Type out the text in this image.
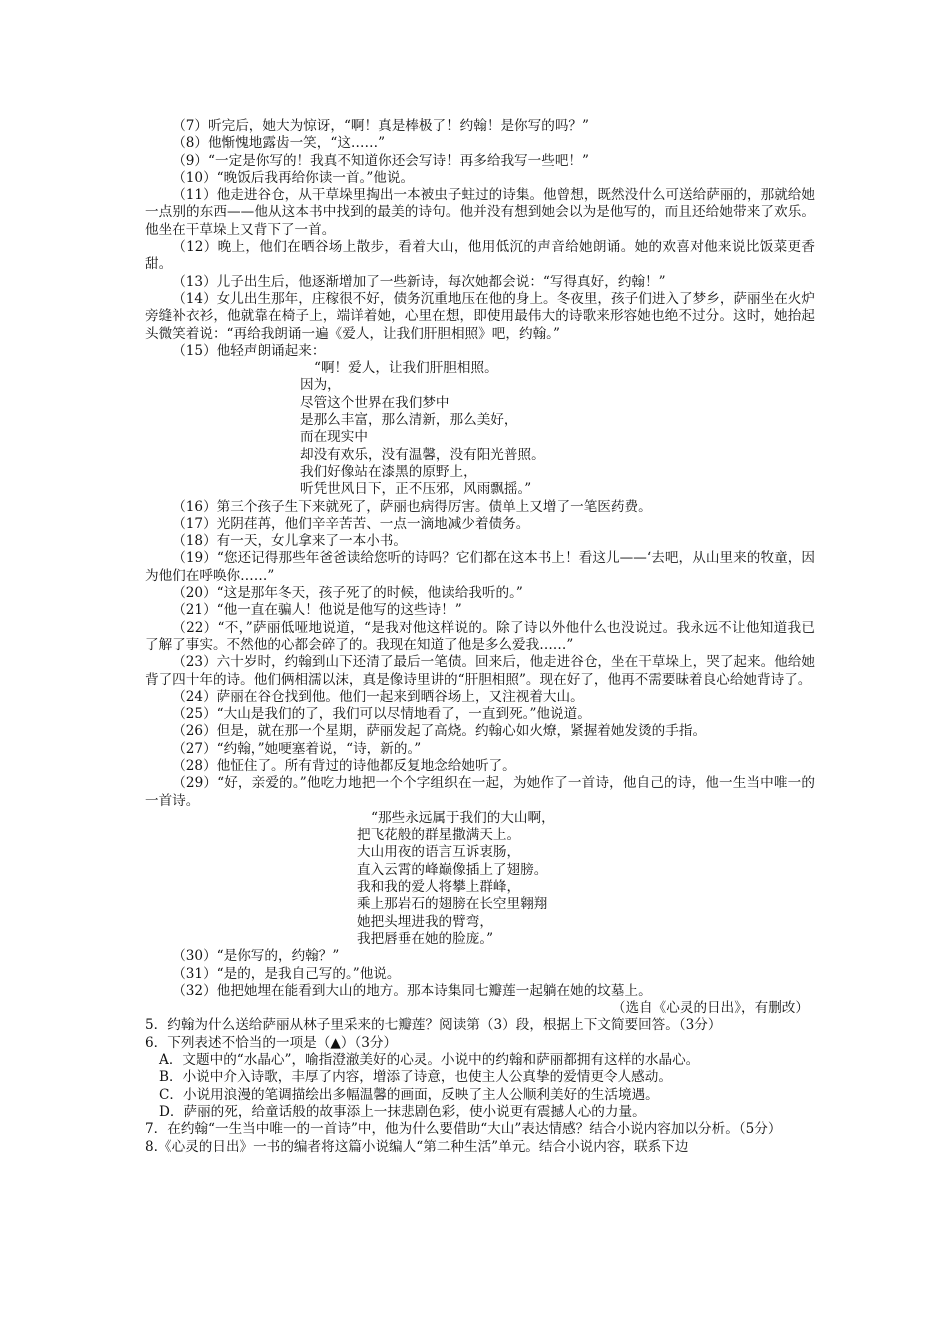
（7）听完后，她大为惊讶，“啊！真是棒极了！约翰！是你写的吗？”

（8）他惭愧地露齿一笑，“这……”

（9）“一定是你写的！我真不知道你还会写诗！再多给我写一些吧！”

（10）“晚饭后我再给你读一首。”他说。

（11）他走进谷仓，从干草垛里掏出一本被虫子蛀过的诗集。他曾想，既然没什么可送给萨丽的，那就给她一点别的东西——他从这本书中找到的最美的诗句。他并没有想到她会以为是他写的，而且还给她带来了欢乐。他坐在干草垛上又背下了一首。

（12）晚上，他们在晒谷场上散步，看着大山，他用低沉的声音给她朗诵。她的欢喜对他来说比饭菜更香甜。

（13）儿子出生后，他逐渐增加了一些新诗，每次她都会说：“写得真好，约翰！”

（14）女儿出生那年，庄稼很不好，债务沉重地压在他的身上。冬夜里，孩子们进入了梦乡，萨丽坐在火炉旁缝补衣衫，他就靠在椅子上，端详着她，心里在想，即使用最伟大的诗歌来形容她也绝不过分。这时，她抬起头微笑着说：“再给我朗诵一遍《爱人，让我们肝胆相照》吧，约翰。”

（15）他轻声朗诵起来：

“啊！爱人，让我们肝胆相照。
因为，
尽管这个世界在我们梦中
是那么丰富，那么清新，那么美好，
而在现实中
却没有欢乐，没有温馨，没有阳光普照。
我们好像站在漆黑的原野上，
听凭世风日下，正不压邪，风雨飘摇。”

（16）第三个孩子生下来就死了，萨丽也病得厉害。债单上又增了一笔医药费。

（17）光阴荏苒，他们辛辛苦苦、一点一滴地减少着债务。

（18）有一天，女儿拿来了一本小书。

（19）“您还记得那些年爸爸读给您听的诗吗？它们都在这本书上！看这儿——‘去吧，从山里来的牧童，因为他们在呼唤你……”

（20）“这是那年冬天，孩子死了的时候，他读给我听的。”

（21）“他一直在骗人！他说是他写的这些诗！”

（22）“不，”萨丽低哑地说道，“是我对他这样说的。除了诗以外他什么也没说过。我永远不让他知道我已了解了事实。不然他的心都会碎了的。我现在知道了他是多么爱我……”

（23）六十岁时，约翰到山下还清了最后一笔债。回来后，他走进谷仓，坐在干草垛上，哭了起来。他给她背了四十年的诗。他们俩相濡以沫，真是像诗里讲的“肝胆相照”。现在好了，他再不需要昧着良心给她背诗了。

（24）萨丽在谷仓找到他。他们一起来到晒谷场上，又注视着大山。

（25）“大山是我们的了，我们可以尽情地看了，一直到死。”他说道。

（26）但是，就在那一个星期，萨丽发起了高烧。约翰心如火燎，紧握着她发烫的手指。

（27）“约翰，”她哽塞着说，“诗，新的。”

（28）他怔住了。所有背过的诗他都反复地念给她听了。

（29）“好，亲爱的。”他吃力地把一个个字组织在一起，为她作了一首诗，他自己的诗，他一生当中唯一的一首诗。

“那些永远属于我们的大山啊，
把飞花般的群星撒满天上。
大山用夜的语言互诉衷肠，
直入云霄的峰巅像插上了翅膀。
我和我的爱人将攀上群峰，
乘上那岩石的翅膀在长空里翱翔
她把头埋进我的臂弯，
我把唇垂在她的脸庞。”

（30）“是你写的，约翰？”

（31）“是的，是我自己写的。”他说。

（32）他把她埋在能看到大山的地方。那本诗集同七瓣莲一起躺在她的坟墓上。

（选自《心灵的日出》，有删改）

5．约翰为什么送给萨丽从林子里采来的七瓣莲？阅读第（3）段，根据上下文简要回答。（3分）

6．下列表述不恰当的一项是（▲）（3分）

A．文题中的“水晶心”，喻指澄澈美好的心灵。小说中的约翰和萨丽都拥有这样的水晶心。

B．小说中介入诗歌，丰厚了内容，增添了诗意，也使主人公真挚的爱情更令人感动。

C．小说用浪漫的笔调描绘出多幅温馨的画面，反映了主人公顺利美好的生活境遇。

D．萨丽的死，给童话般的故事添上一抹悲剧色彩，使小说更有震撼人心的力量。

7．在约翰“一生当中唯一的一首诗”中，他为什么要借助“大山”表达情感？结合小说内容加以分析。（5分）

8.《心灵的日出》一书的编者将这篇小说编人“第二种生活”单元。结合小说内容，联系下边
